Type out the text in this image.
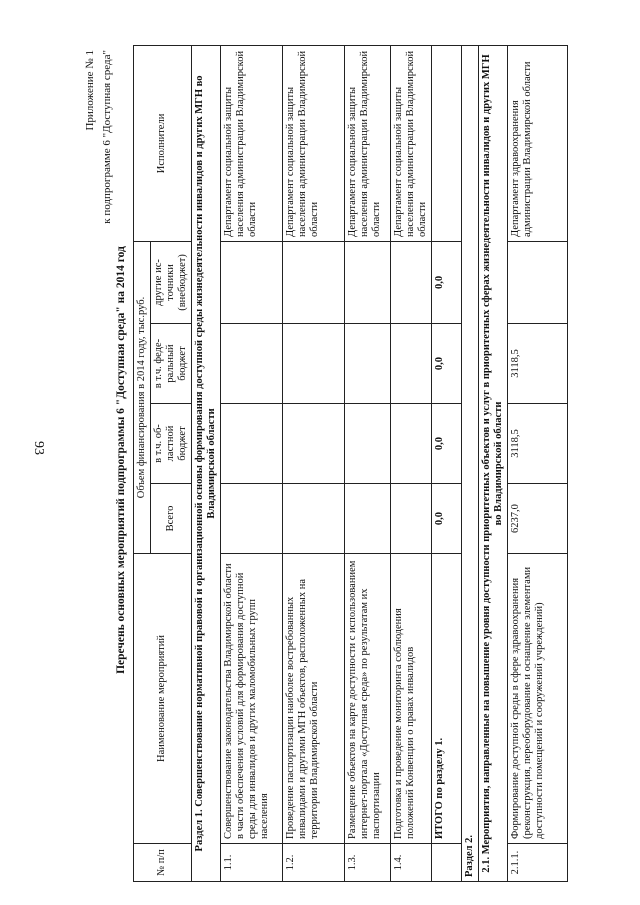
93
Приложение № 1 к подпрограмме 6 "Доступная среда"
Перечень основных мероприятий подпрограммы 6 "Доступная среда" на 2014 год
№ п/п	Наименование мероприятий	Объем финансирования в 2014 году, тыс.руб.				Исполнители
		Всего	в т.ч. об-ластной бюджет	в т.ч. феде-ральный бюджет	другие ис-точники (внебюджет)	
Раздел 1. Совершенствование нормативной правовой и организационной основы формирования доступной среды жизнедеятельности инвалидов и других МГН во Владимирской области						
1.1.	Совершенствование законодательства Владимирской области в части обеспечения условий для формирования доступной среды для инвалидов и других маломобильных групп населения					Департамент социальной защиты населения администрации Владимирской области
1.2.	Проведение паспортизации наиболее востребованных инвалидами и другими МГН объектов, расположенных на территории Владимирской области					Департамент социальной защиты населения администрации Владимирской области
1.3.	Размещение объектов на карте доступности с использованием интернет-портала «Доступная среда» по результатам их паспортизации					Департамент социальной защиты населения администрации Владимирской области
1.4.	Подготовка и проведение мониторинга соблюдения положений Конвенции о правах инвалидов					Департамент социальной защиты населения администрации Владимирской области
	ИТОГО по разделу 1.	0,0	0,0	0,0	0,0	
Раздел 2.						
2.1. Мероприятия, направленные на повышение уровня доступности приоритетных объектов и услуг в приоритетных сферах жизнедеятельности инвалидов и других МГН во Владимирской области						
2.1.1.	Формирование доступной среды в сфере здравоохранения (реконструкция, переоборудование и оснащение элементами доступности помещений и сооружений учреждений)	6237,0	3118,5	3118,5		Департамент здравоохранения администрации Владимирской области
